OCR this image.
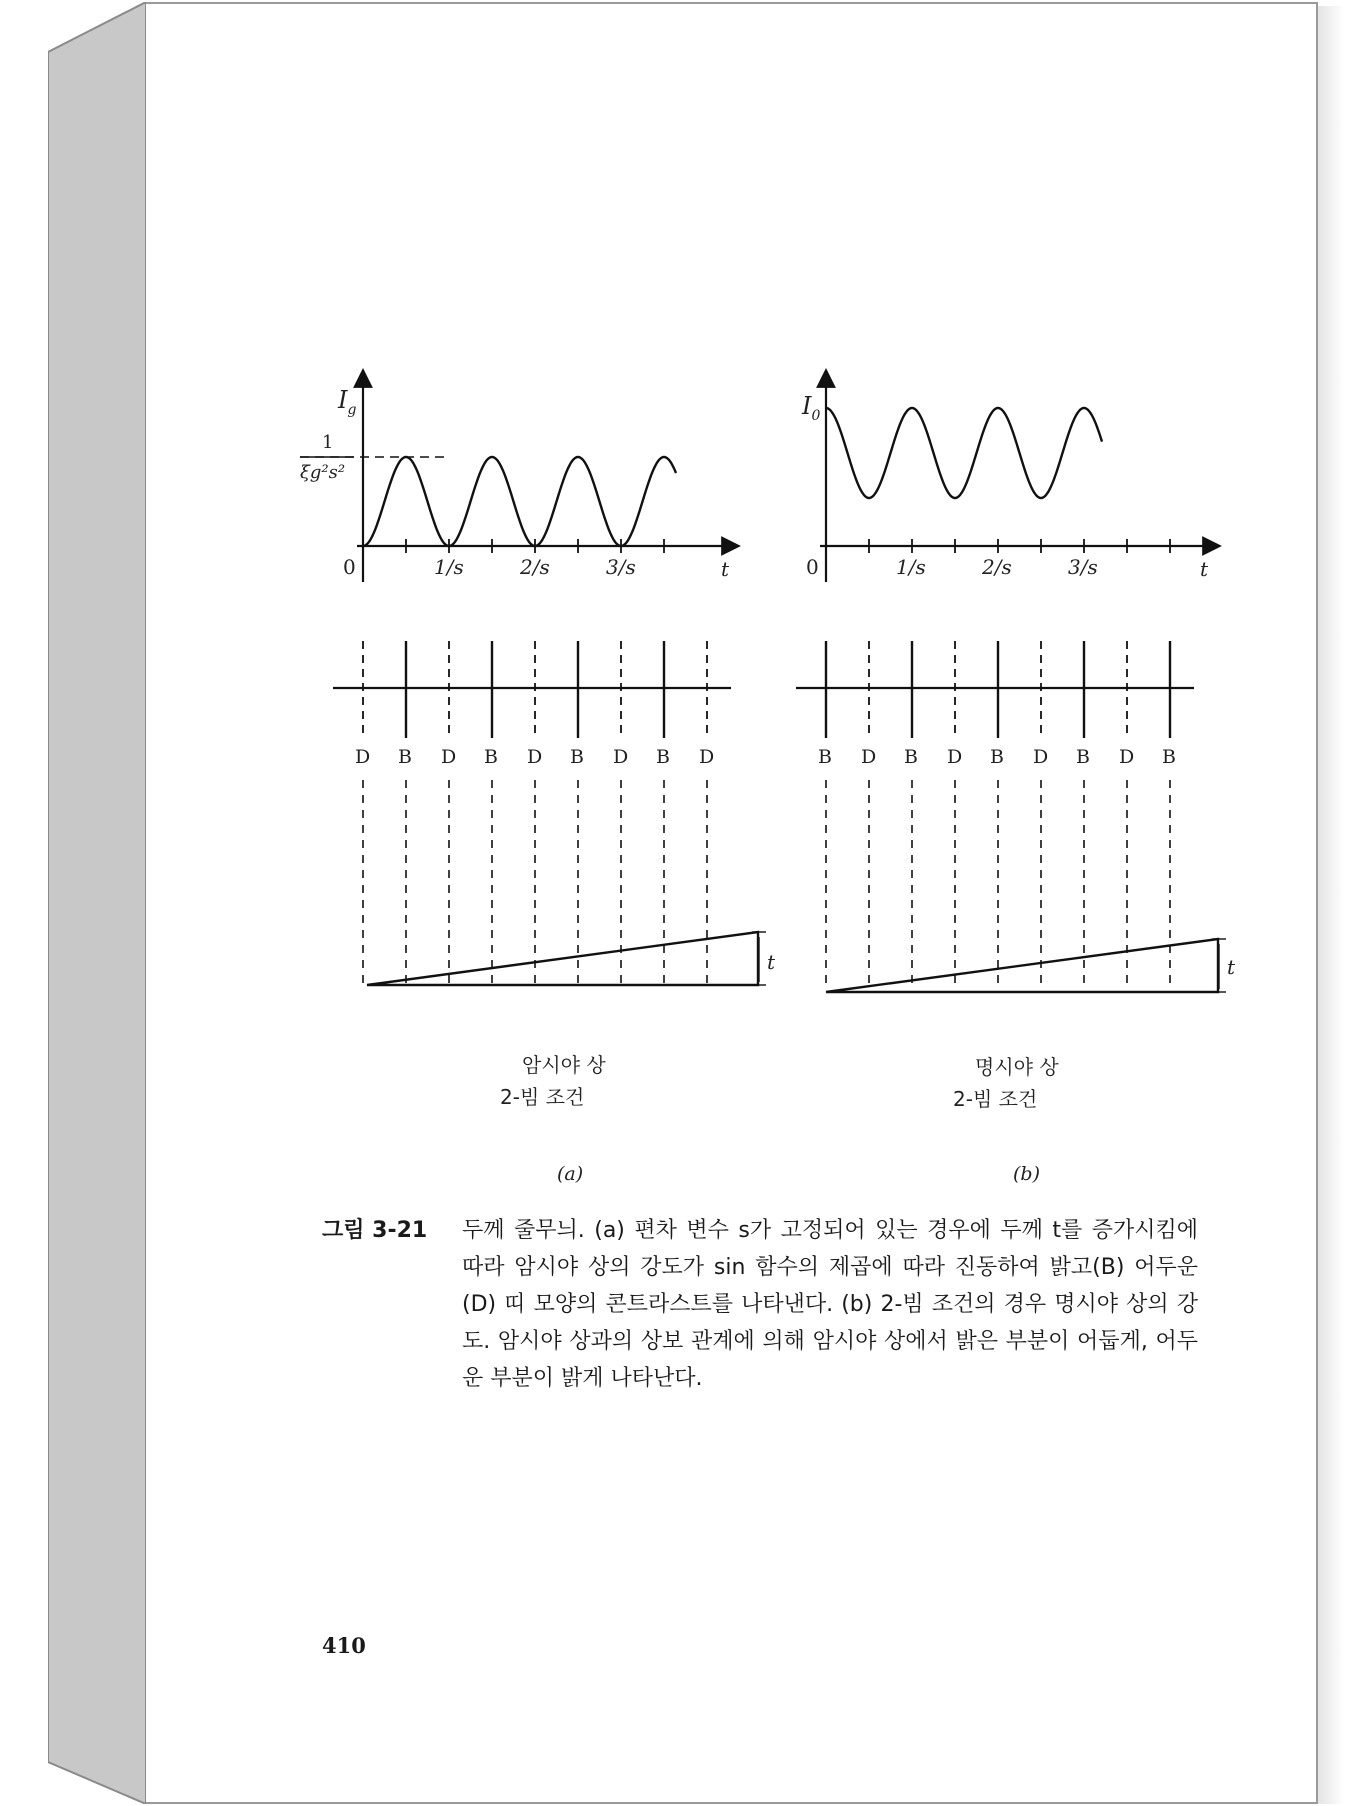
$I_g$
1
ξg²s²
0	1/s	2/s	3/s	t
$I_0$
0	1/s	2/s	3/s	t
D B D B D B D B D	B D B D B D B D B
t	t
암시야 상
2-빔 조건
(a)
명시야 상
2-빔 조건
(b)
그림 3-21 두께 줄무늬. (a) 편차 변수 s가 고정되어 있는 경우에 두께 t를 증가시킴에 따라 암시야 상의 강도가 sin 함수의 제곱에 따라 진동하여 밝고(B) 어두운(D) 띠 모양의 콘트라스트를 나타낸다. (b) 2-빔 조건의 경우 명시야 상의 강도. 암시야 상과의 상보 관계에 의해 암시야 상에서 밝은 부분이 어둡게, 어두운 부분이 밝게 나타난다.
410
